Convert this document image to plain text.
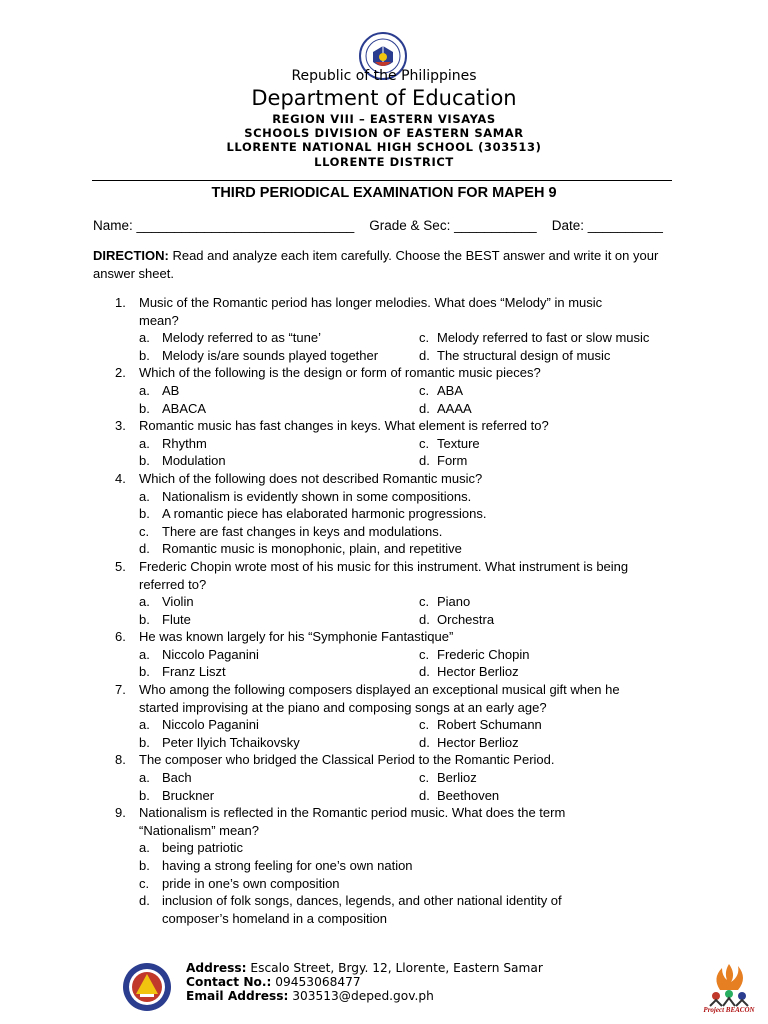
Republic of the Philippines
Department of Education
REGION VIII – EASTERN VISAYAS
SCHOOLS DIVISION OF EASTERN SAMAR
LLORENTE NATIONAL HIGH SCHOOL (303513)
LLORENTE DISTRICT
THIRD PERIODICAL EXAMINATION FOR MAPEH 9
Name: _____________________________ Grade & Sec: ___________ Date: __________
DIRECTION: Read and analyze each item carefully. Choose the BEST answer and write it on your answer sheet.
1. Music of the Romantic period has longer melodies. What does “Melody” in music
mean?
a. Melody referred to as “tune’	c. Melody referred to fast or slow music
b. Melody is/are sounds played together	d. The structural design of music
2. Which of the following is the design or form of romantic music pieces?
a. AB	c. ABA
b. ABACA	d. AAAA
3. Romantic music has fast changes in keys. What element is referred to?
a. Rhythm	c. Texture
b. Modulation	d. Form
4. Which of the following does not described Romantic music?
a. Nationalism is evidently shown in some compositions.
b. A romantic piece has elaborated harmonic progressions.
c. There are fast changes in keys and modulations.
d. Romantic music is monophonic, plain, and repetitive
5. Frederic Chopin wrote most of his music for this instrument. What instrument is being
referred to?
a. Violin	c. Piano
b. Flute	d. Orchestra
6. He was known largely for his “Symphonie Fantastique”
a. Niccolo Paganini	c. Frederic Chopin
b. Franz Liszt	d. Hector Berlioz
7. Who among the following composers displayed an exceptional musical gift when he
started improvising at the piano and composing songs at an early age?
a. Niccolo Paganini	c. Robert Schumann
b. Peter Ilyich Tchaikovsky	d. Hector Berlioz
8. The composer who bridged the Classical Period to the Romantic Period.
a. Bach	c. Berlioz
b. Bruckner	d. Beethoven
9. Nationalism is reflected in the Romantic period music. What does the term
“Nationalism” mean?
a. being patriotic
b. having a strong feeling for one’s own nation
c. pride in one’s own composition
d. inclusion of folk songs, dances, legends, and other national identity of
composer’s homeland in a composition
Address: Escalo Street, Brgy. 12, Llorente, Eastern Samar
Contact No.: 09453068477
Email Address: 303513@deped.gov.ph
Project BEACON
